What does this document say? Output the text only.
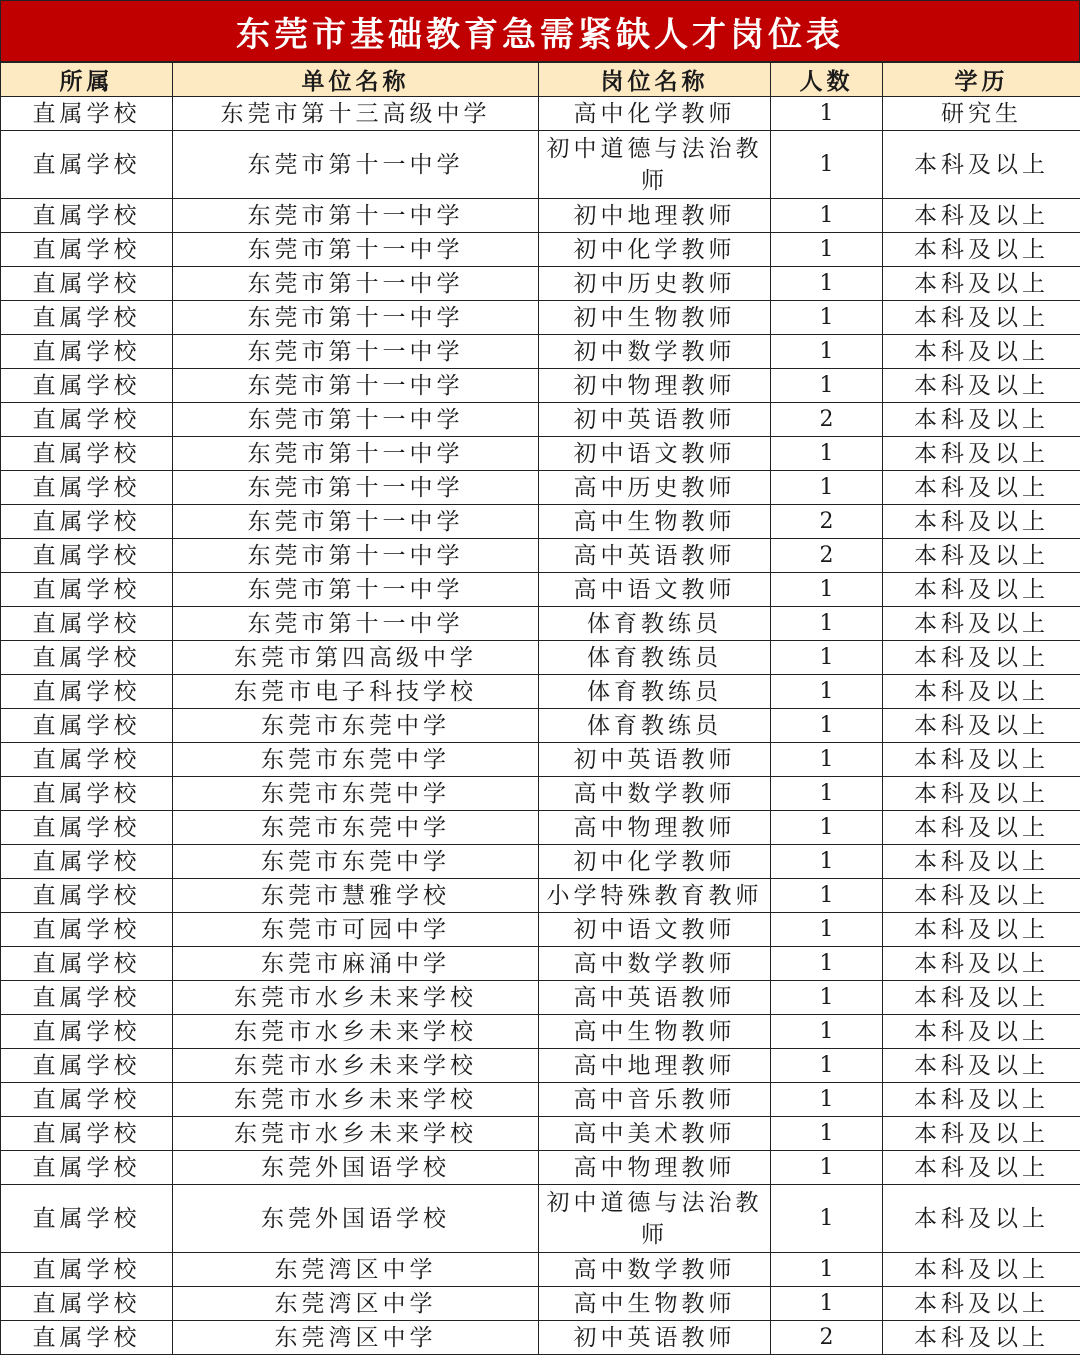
东莞市基础教育急需紧缺人才岗位表
所属	单位名称	岗位名称	人数	学历
直属学校	东莞市第十三高级中学	高中化学教师	1	研究生
直属学校	东莞市第十一中学	初中道德与法治教师	1	本科及以上
直属学校	东莞市第十一中学	初中地理教师	1	本科及以上
直属学校	东莞市第十一中学	初中化学教师	1	本科及以上
直属学校	东莞市第十一中学	初中历史教师	1	本科及以上
直属学校	东莞市第十一中学	初中生物教师	1	本科及以上
直属学校	东莞市第十一中学	初中数学教师	1	本科及以上
直属学校	东莞市第十一中学	初中物理教师	1	本科及以上
直属学校	东莞市第十一中学	初中英语教师	2	本科及以上
直属学校	东莞市第十一中学	初中语文教师	1	本科及以上
直属学校	东莞市第十一中学	高中历史教师	1	本科及以上
直属学校	东莞市第十一中学	高中生物教师	2	本科及以上
直属学校	东莞市第十一中学	高中英语教师	2	本科及以上
直属学校	东莞市第十一中学	高中语文教师	1	本科及以上
直属学校	东莞市第十一中学	体育教练员	1	本科及以上
直属学校	东莞市第四高级中学	体育教练员	1	本科及以上
直属学校	东莞市电子科技学校	体育教练员	1	本科及以上
直属学校	东莞市东莞中学	体育教练员	1	本科及以上
直属学校	东莞市东莞中学	初中英语教师	1	本科及以上
直属学校	东莞市东莞中学	高中数学教师	1	本科及以上
直属学校	东莞市东莞中学	高中物理教师	1	本科及以上
直属学校	东莞市东莞中学	初中化学教师	1	本科及以上
直属学校	东莞市慧雅学校	小学特殊教育教师	1	本科及以上
直属学校	东莞市可园中学	初中语文教师	1	本科及以上
直属学校	东莞市麻涌中学	高中数学教师	1	本科及以上
直属学校	东莞市水乡未来学校	高中英语教师	1	本科及以上
直属学校	东莞市水乡未来学校	高中生物教师	1	本科及以上
直属学校	东莞市水乡未来学校	高中地理教师	1	本科及以上
直属学校	东莞市水乡未来学校	高中音乐教师	1	本科及以上
直属学校	东莞市水乡未来学校	高中美术教师	1	本科及以上
直属学校	东莞外国语学校	高中物理教师	1	本科及以上
直属学校	东莞外国语学校	初中道德与法治教师	1	本科及以上
直属学校	东莞湾区中学	高中数学教师	1	本科及以上
直属学校	东莞湾区中学	高中生物教师	1	本科及以上
直属学校	东莞湾区中学	初中英语教师	2	本科及以上
